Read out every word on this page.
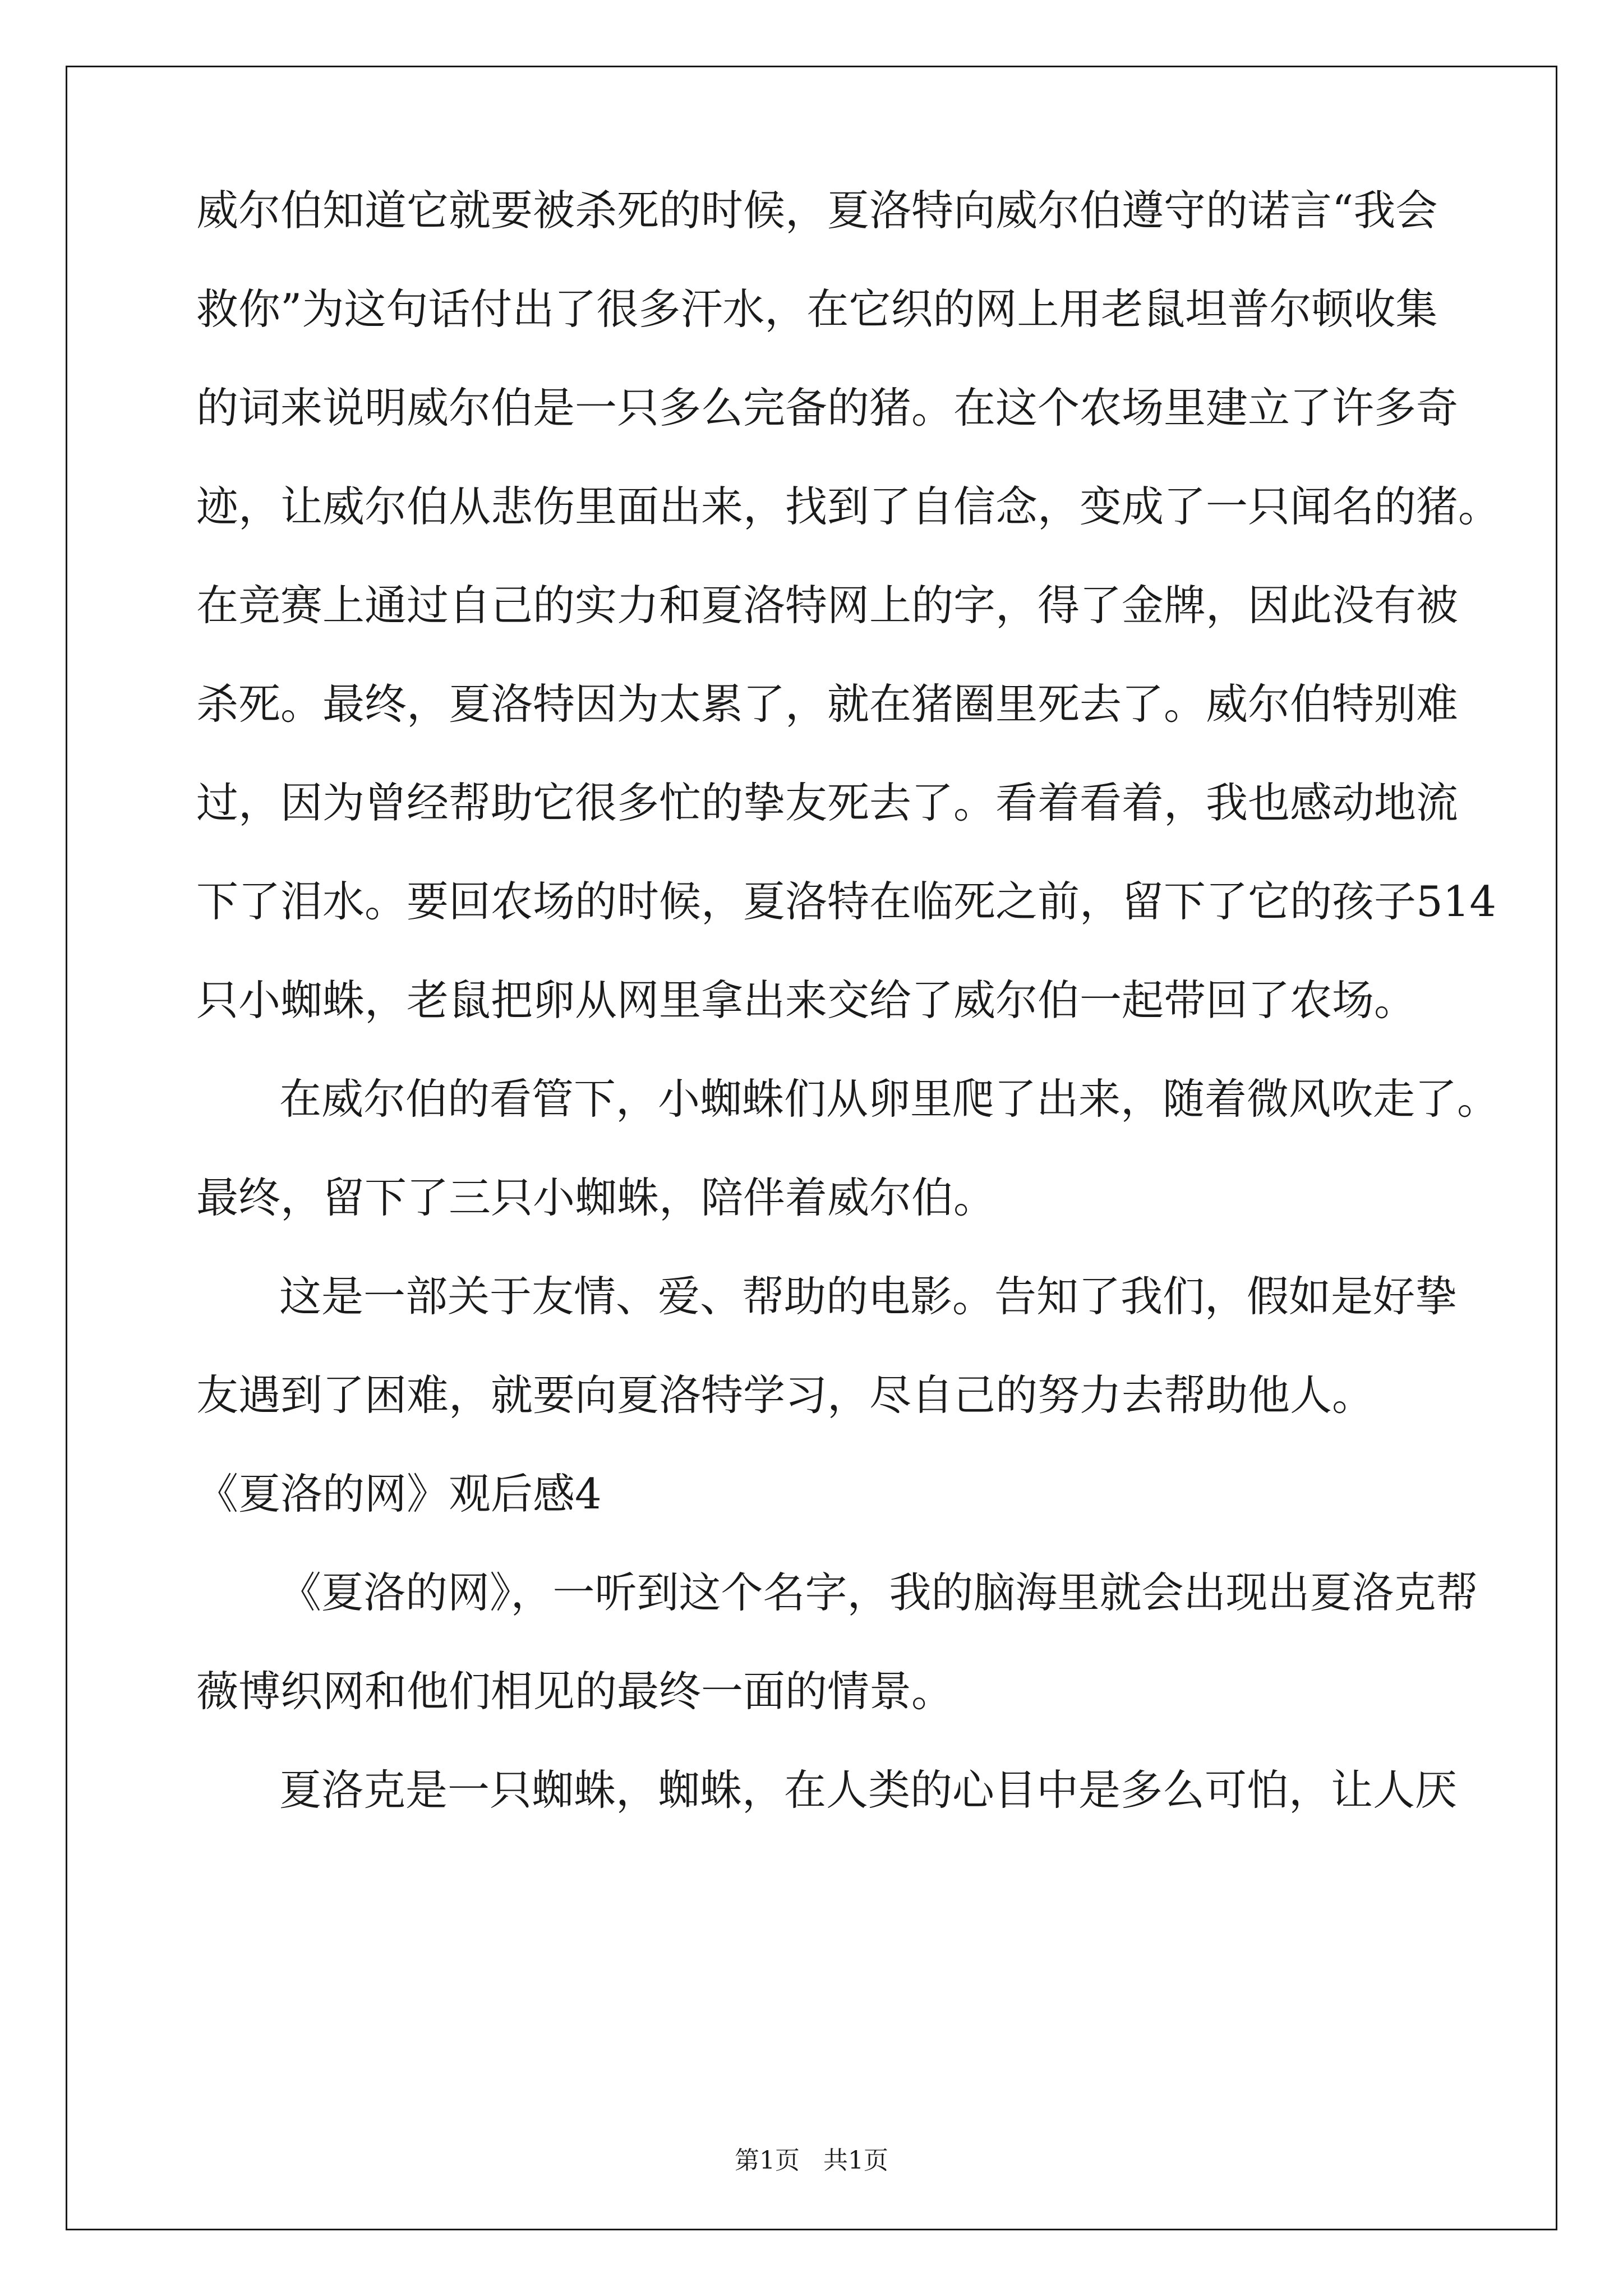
威尔伯知道它就要被杀死的时候，夏洛特向威尔伯遵守的诺言“我会
救你”为这句话付出了很多汗水，在它织的网上用老鼠坦普尔顿收集
的词来说明威尔伯是一只多么完备的猪。在这个农场里建立了许多奇
迹，让威尔伯从悲伤里面出来，找到了自信念，变成了一只闻名的猪。
在竞赛上通过自己的实力和夏洛特网上的字，得了金牌，因此没有被
杀死。最终，夏洛特因为太累了，就在猪圈里死去了。威尔伯特别难
过，因为曾经帮助它很多忙的挚友死去了。看着看着，我也感动地流
下了泪水。要回农场的时候，夏洛特在临死之前，留下了它的孩子514
只小蜘蛛，老鼠把卵从网里拿出来交给了威尔伯一起带回了农场。
在威尔伯的看管下，小蜘蛛们从卵里爬了出来，随着微风吹走了。
最终，留下了三只小蜘蛛，陪伴着威尔伯。
这是一部关于友情、爱、帮助的电影。告知了我们，假如是好挚
友遇到了困难，就要向夏洛特学习，尽自己的努力去帮助他人。
《夏洛的网》观后感4
《夏洛的网》，一听到这个名字，我的脑海里就会出现出夏洛克帮
薇博织网和他们相见的最终一面的情景。
夏洛克是一只蜘蛛，蜘蛛，在人类的心目中是多么可怕，让人厌
第1页   共1页
